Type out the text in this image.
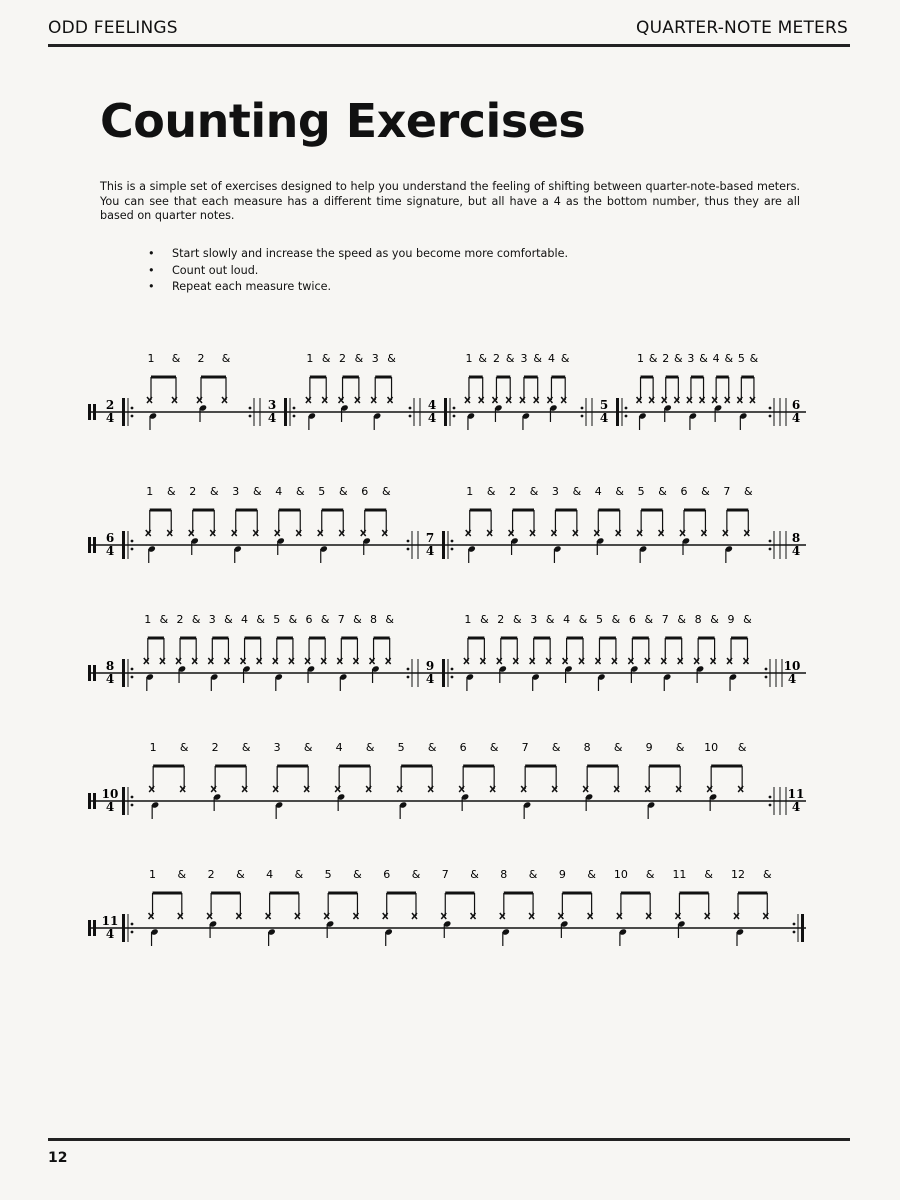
ODD FEELINGS	QUARTER-NOTE METERS
Counting Exercises
This is a simple set of exercises designed to help you understand the feeling of shifting between quarter-note-based meters. You can see that each measure has a different time signature, but all have a 4 as the bottom number, thus they are all based on quarter notes.
• Start slowly and increase the speed as you become more comfortable.
• Count out loud.
• Repeat each measure twice.
2
4
1 & 2 &
3
4
1 & 2 & 3 &
4
4
1 & 2 & 3 & 4 &
5
4
1 & 2 & 3 & 4 & 5 &
6
4
6
4
1 & 2 & 3 & 4 & 5 & 6 &
7
4
1 & 2 & 3 & 4 & 5 & 6 & 7 &
8
4
8
4
1 & 2 & 3 & 4 & 5 & 6 & 7 & 8 &
9
4
1 & 2 & 3 & 4 & 5 & 6 & 7 & 8 & 9 &
10
4
10
4
1 & 2 & 3 & 4 & 5 & 6 & 7 & 8 & 9 & 10 &
11
4
11
4
1 & 2 & 4 & 5 & 6 & 7 & 8 & 9 & 10 & 11 & 12 &
12
